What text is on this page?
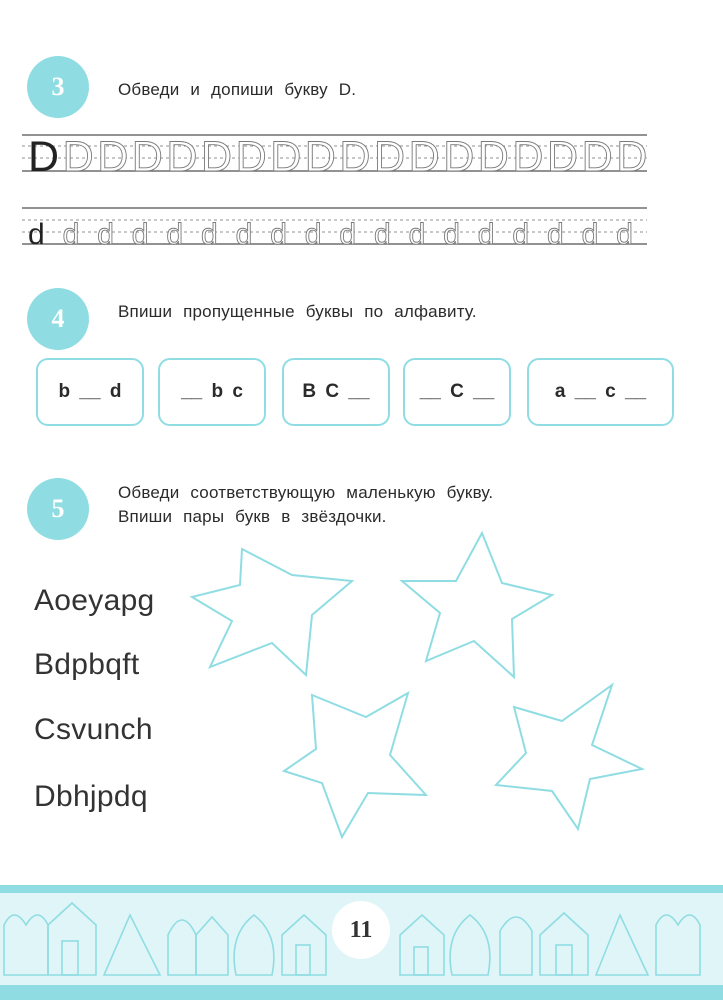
3	Обведи и допиши букву D.
D D D D D D D D D D D D D D D D D D
d d d d d d d d d d d d d d d d d d
4	Впиши пропущенные буквы по алфавиту.
b __ d	__ b c	B C __	__ C __	a __ c __
5
Обведи соответствующую маленькую букву.
Впиши пары букв в звёздочки.
Aoeyapg
Bdpbqft
Csvunch
Dbhjpdq
11
